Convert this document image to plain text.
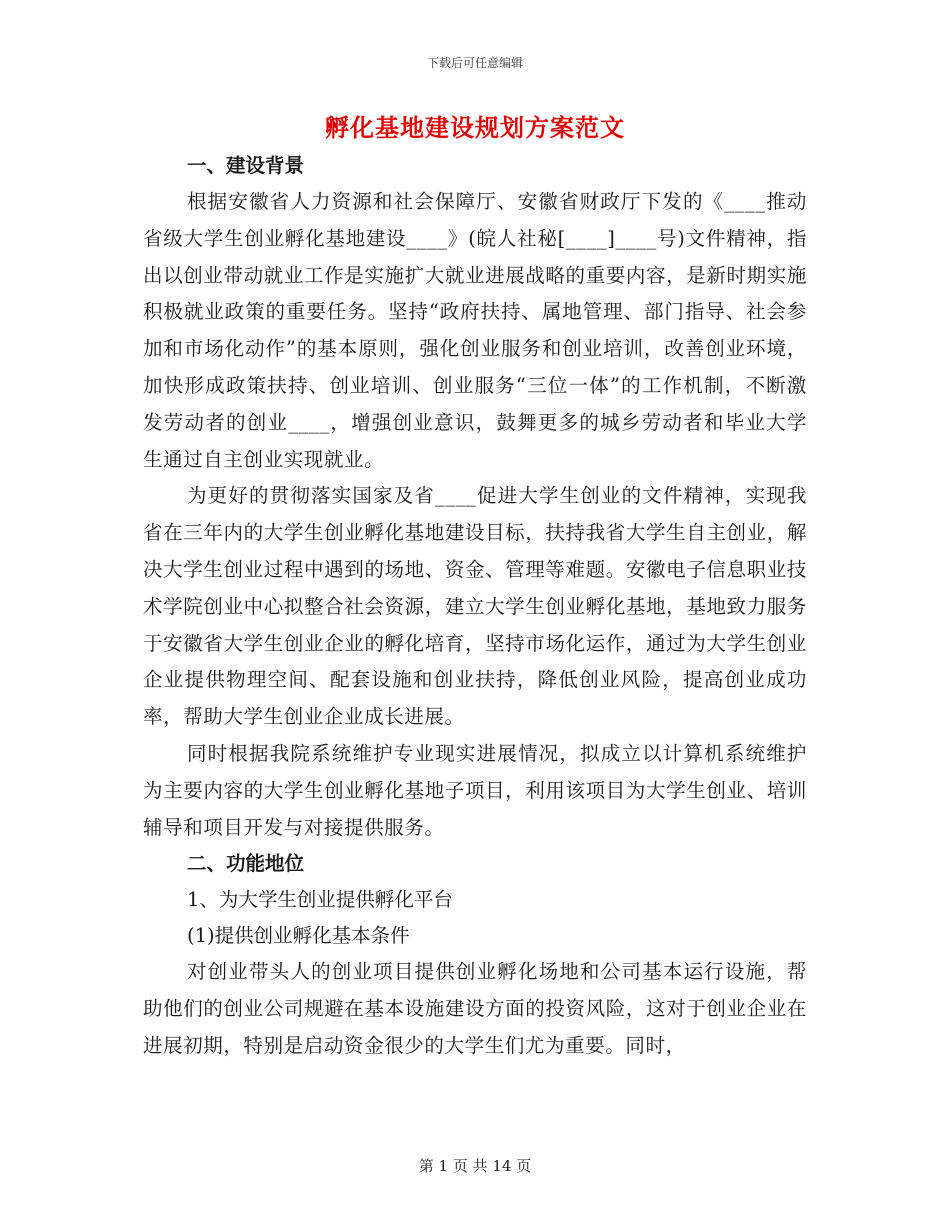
下载后可任意编辑
孵化基地建设规划方案范文
一、建设背景

根据安徽省人力资源和社会保障厅、安徽省财政厅下发的《____推动省级大学生创业孵化基地建设____》(皖人社秘[____]____号)文件精神，指出以创业带动就业工作是实施扩大就业进展战略的重要内容，是新时期实施积极就业政策的重要任务。坚持“政府扶持、属地管理、部门指导、社会参加和市场化动作”的基本原则，强化创业服务和创业培训，改善创业环境，加快形成政策扶持、创业培训、创业服务“三位一体”的工作机制，不断激发劳动者的创业____，增强创业意识，鼓舞更多的城乡劳动者和毕业大学生通过自主创业实现就业。

为更好的贯彻落实国家及省____促进大学生创业的文件精神，实现我省在三年内的大学生创业孵化基地建设目标，扶持我省大学生自主创业，解决大学生创业过程中遇到的场地、资金、管理等难题。安徽电子信息职业技术学院创业中心拟整合社会资源，建立大学生创业孵化基地，基地致力服务于安徽省大学生创业企业的孵化培育，坚持市场化运作，通过为大学生创业企业提供物理空间、配套设施和创业扶持，降低创业风险，提高创业成功率，帮助大学生创业企业成长进展。

同时根据我院系统维护专业现实进展情况，拟成立以计算机系统维护为主要内容的大学生创业孵化基地子项目，利用该项目为大学生创业、培训辅导和项目开发与对接提供服务。

二、功能地位
1、为大学生创业提供孵化平台
(1)提供创业孵化基本条件

对创业带头人的创业项目提供创业孵化场地和公司基本运行设施，帮助他们的创业公司规避在基本设施建设方面的投资风险，这对于创业企业在进展初期，特别是启动资金很少的大学生们尤为重要。同时，

第 1 页 共 14 页
